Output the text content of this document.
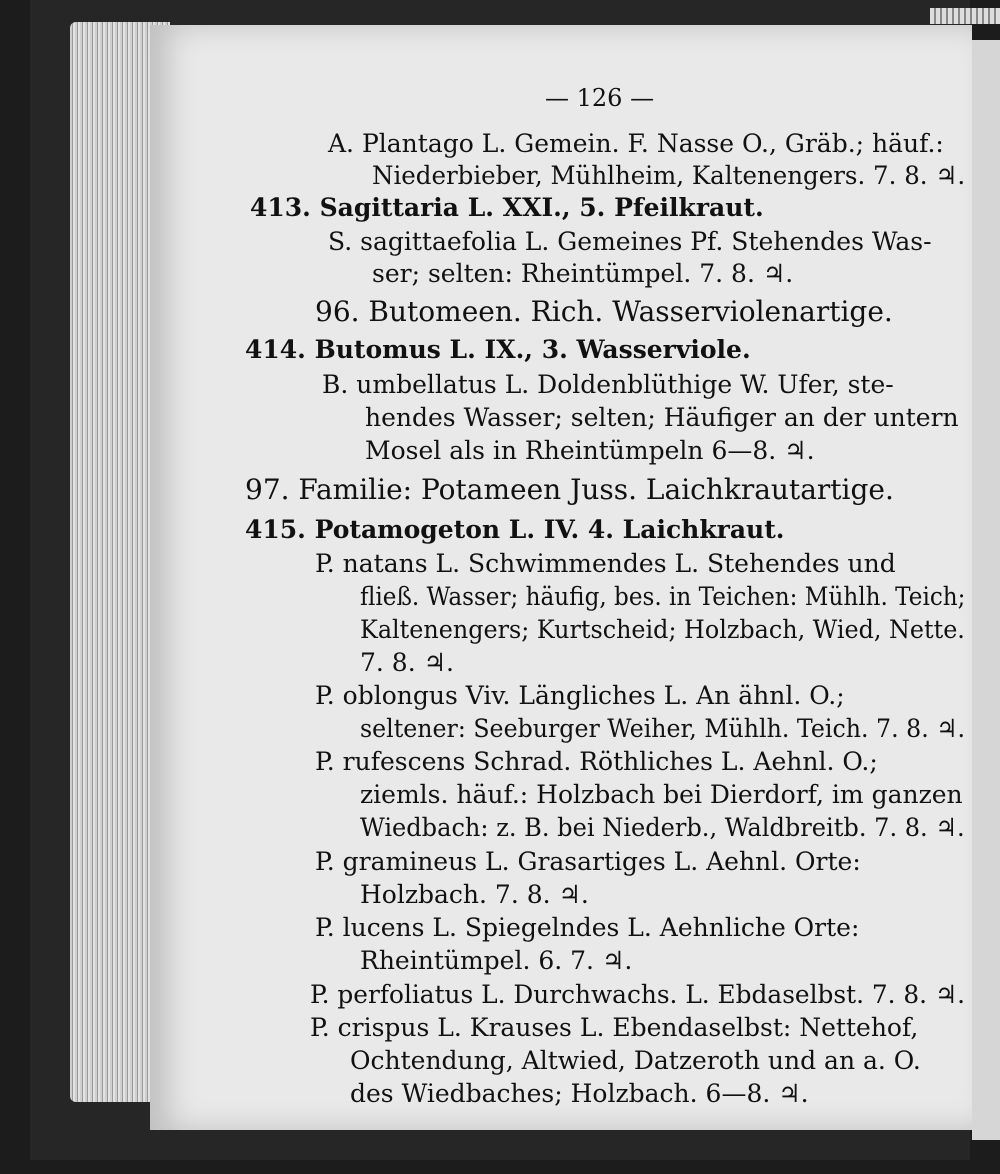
— 126 —
A. Plantago L. Gemein. F. Nasse O., Gräb.; häuf.:
Niederbieber, Mühlheim, Kaltenengers. 7. 8. ♃.
413. Sagittaria L. XXI., 5. Pfeilkraut.
S. sagittaefolia L. Gemeines Pf. Stehendes Was-
ser; selten: Rheintümpel. 7. 8. ♃.
96. Butomeen. Rich. Wasserviolenartige.
414. Butomus L. IX., 3. Wasserviole.
B. umbellatus L. Doldenblüthige W. Ufer, ste-
hendes Wasser; selten; Häufiger an der untern
Mosel als in Rheintümpeln 6—8. ♃.
97. Familie: Potameen Juss. Laichkrautartige.
415. Potamogeton L. IV. 4. Laichkraut.
P. natans L. Schwimmendes L. Stehendes und
fließ. Wasser; häufig, bes. in Teichen: Mühlh. Teich;
Kaltenengers; Kurtscheid; Holzbach, Wied, Nette.
7. 8. ♃.
P. oblongus Viv. Längliches L. An ähnl. O.;
seltener: Seeburger Weiher, Mühlh. Teich. 7. 8. ♃.
P. rufescens Schrad. Röthliches L. Aehnl. O.;
ziemls. häuf.: Holzbach bei Dierdorf, im ganzen
Wiedbach: z. B. bei Niederb., Waldbreitb. 7. 8. ♃.
P. gramineus L. Grasartiges L. Aehnl. Orte:
Holzbach. 7. 8. ♃.
P. lucens L. Spiegelndes L. Aehnliche Orte:
Rheintümpel. 6. 7. ♃.
P. perfoliatus L. Durchwachs. L. Ebdaselbst. 7. 8. ♃.
P. crispus L. Krauses L. Ebendaselbst: Nettehof,
Ochtendung, Altwied, Datzeroth und an a. O.
des Wiedbaches; Holzbach. 6—8. ♃.
